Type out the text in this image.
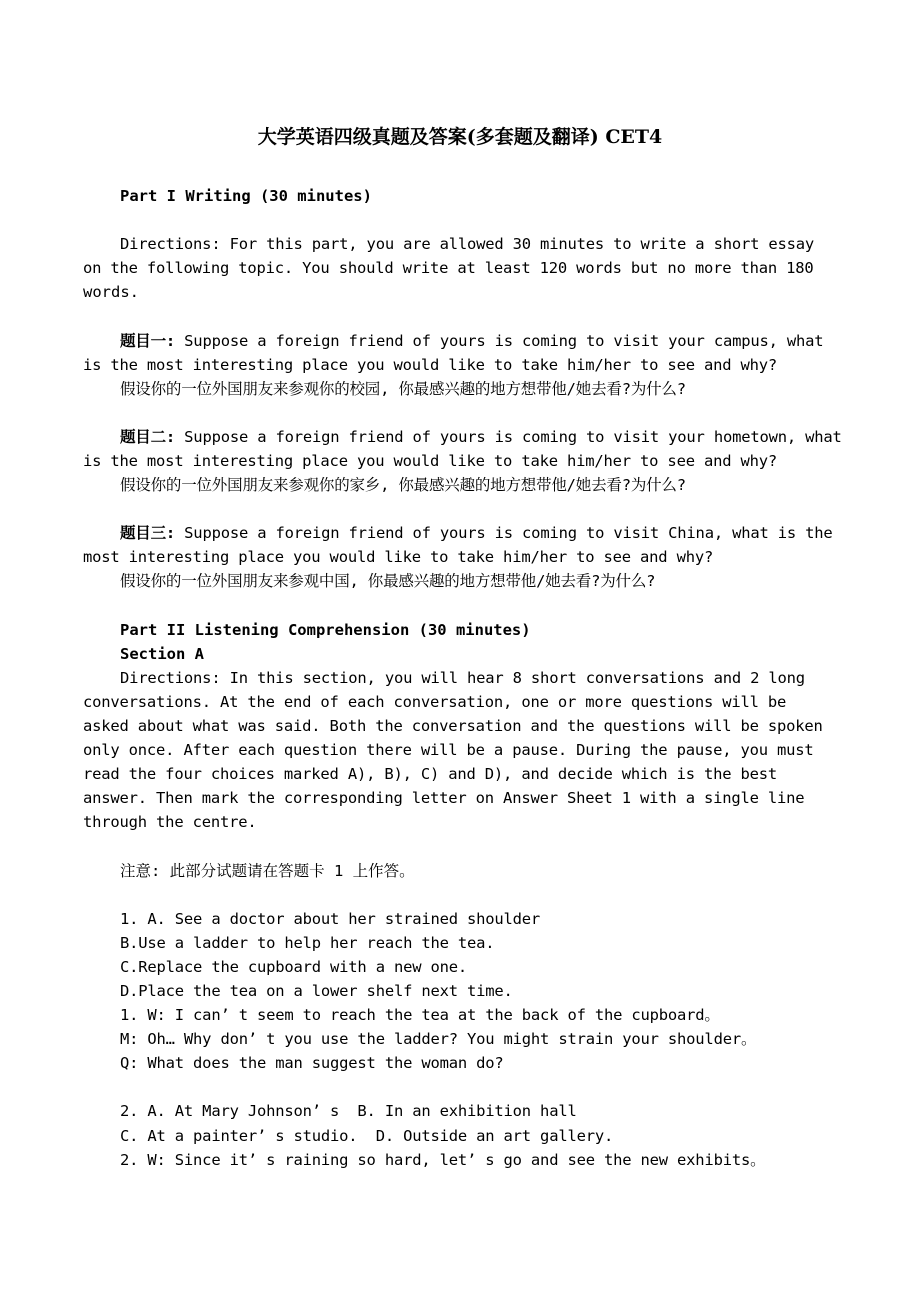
大学英语四级真题及答案(多套题及翻译) CET4
Part I Writing (30 minutes)
Directions: For this part, you are allowed 30 minutes to write a short essay
on the following topic. You should write at least 120 words but no more than 180
words.
题目一: Suppose a foreign friend of yours is coming to visit your campus, what
is the most interesting place you would like to take him/her to see and why?
假设你的一位外国朋友来参观你的校园, 你最感兴趣的地方想带他/她去看?为什么?
题目二: Suppose a foreign friend of yours is coming to visit your hometown, what
is the most interesting place you would like to take him/her to see and why?
假设你的一位外国朋友来参观你的家乡, 你最感兴趣的地方想带他/她去看?为什么?
题目三: Suppose a foreign friend of yours is coming to visit China, what is the
most interesting place you would like to take him/her to see and why?
假设你的一位外国朋友来参观中国, 你最感兴趣的地方想带他/她去看?为什么?
Part II Listening Comprehension (30 minutes)
Section A
Directions: In this section, you will hear 8 short conversations and 2 long
conversations. At the end of each conversation, one or more questions will be
asked about what was said. Both the conversation and the questions will be spoken
only once. After each question there will be a pause. During the pause, you must
read the four choices marked A), B), C) and D), and decide which is the best
answer. Then mark the corresponding letter on Answer Sheet 1 with a single line
through the centre.
注意: 此部分试题请在答题卡 1 上作答。
1. A. See a doctor about her strained shoulder
B.Use a ladder to help her reach the tea.
C.Replace the cupboard with a new one.
D.Place the tea on a lower shelf next time.
1. W: I can’ t seem to reach the tea at the back of the cupboard。
M: Oh… Why don’ t you use the ladder? You might strain your shoulder。
Q: What does the man suggest the woman do?
2. A. At Mary Johnson’ s  B. In an exhibition hall
C. At a painter’ s studio.  D. Outside an art gallery.
2. W: Since it’ s raining so hard, let’ s go and see the new exhibits。
